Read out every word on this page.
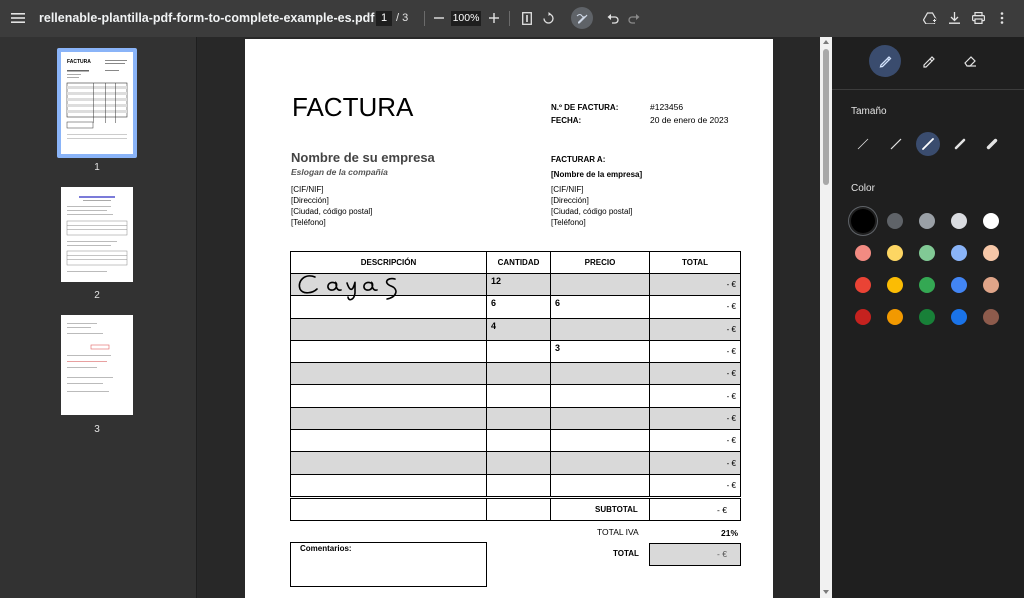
rellenable-plantilla-pdf-form-to-complete-example-es.pdf 1 / 3	100%
FACTURA
1
2
3
FACTURA	N.º DE FACTURA:	#123456
FECHA:	20 de enero de 2023
Nombre de su empresa
Eslogan de la compañía
[CIF/NIF]
[Dirección]
[Ciudad, código postal]
[Teléfono]
FACTURAR A:
[Nombre de la empresa]
[CIF/NIF]
[Dirección]
[Ciudad, código postal]
[Teléfono]
DESCRIPCIÓN	CANTIDAD	PRECIO	TOTAL
	12		- €
	6	6	- €
	4		- €
		3	- €
			- €
			- €
			- €
			- €
			- €
			- €
SUBTOTAL	- €
TOTAL IVA	21%
TOTAL	- €
Comentarios:
Tamaño
Color
